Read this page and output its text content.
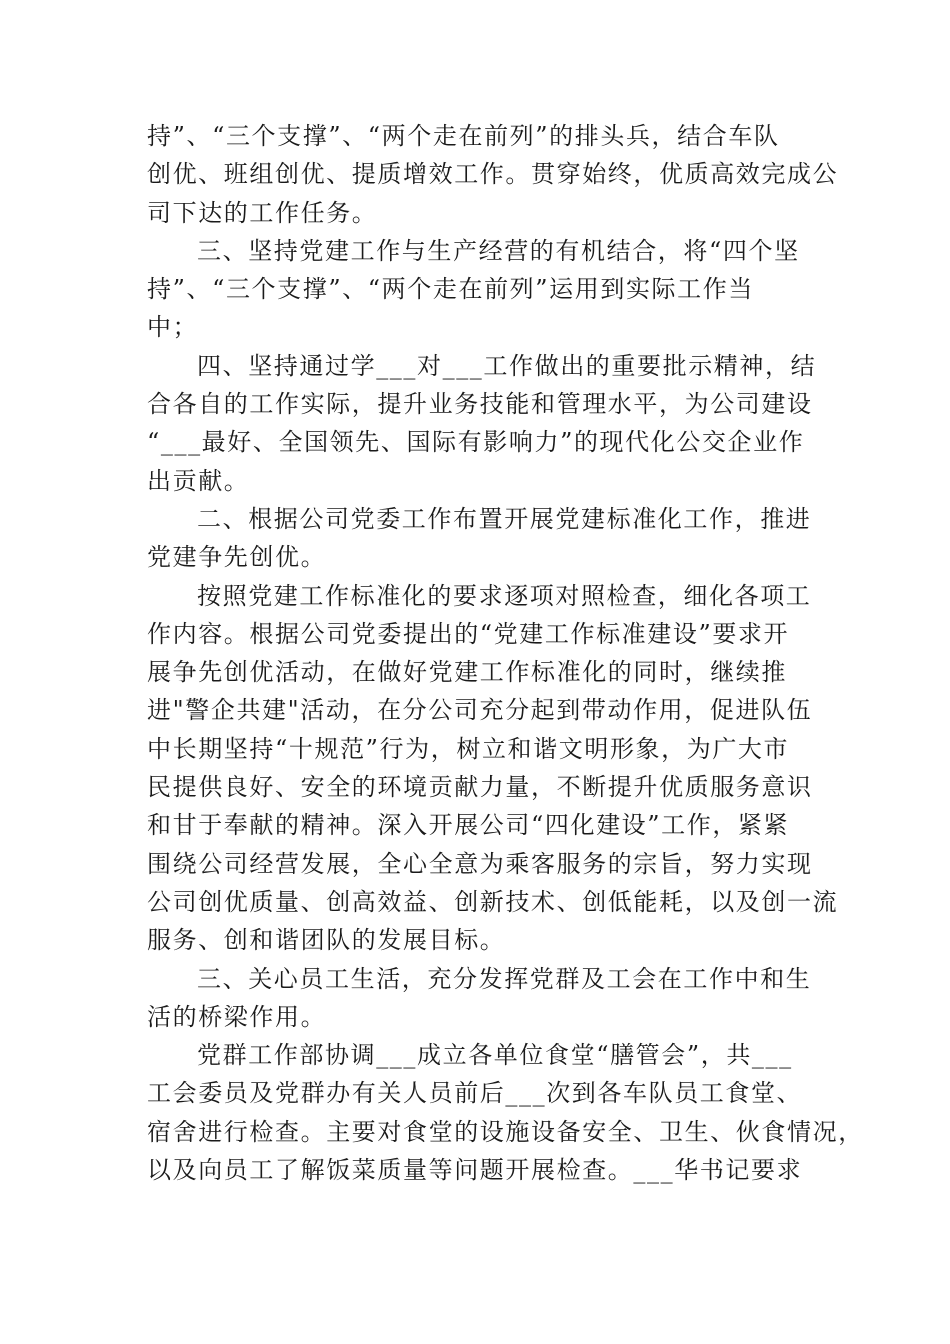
持”、“三个支撑”、“两个走在前列”的排头兵，结合车队
创优、班组创优、提质增效工作。贯穿始终，优质高效完成公
司下达的工作任务。
三、坚持党建工作与生产经营的有机结合，将“四个坚
持”、“三个支撑”、“两个走在前列”运用到实际工作当
中；
四、坚持通过学___对___工作做出的重要批示精神，结
合各自的工作实际，提升业务技能和管理水平，为公司建设
“___最好、全国领先、国际有影响力”的现代化公交企业作
出贡献。
二、根据公司党委工作布置开展党建标准化工作，推进
党建争先创优。
按照党建工作标准化的要求逐项对照检查，细化各项工
作内容。根据公司党委提出的“党建工作标准建设”要求开
展争先创优活动，在做好党建工作标准化的同时，继续推
进"警企共建"活动，在分公司充分起到带动作用，促进队伍
中长期坚持“十规范”行为，树立和谐文明形象，为广大市
民提供良好、安全的环境贡献力量，不断提升优质服务意识
和甘于奉献的精神。深入开展公司“四化建设”工作，紧紧
围绕公司经营发展，全心全意为乘客服务的宗旨，努力实现
公司创优质量、创高效益、创新技术、创低能耗，以及创一流
服务、创和谐团队的发展目标。
三、关心员工生活，充分发挥党群及工会在工作中和生
活的桥梁作用。
党群工作部协调___成立各单位食堂“膳管会”，共___
工会委员及党群办有关人员前后___次到各车队员工食堂、
宿舍进行检查。主要对食堂的设施设备安全、卫生、伙食情况，
以及向员工了解饭菜质量等问题开展检查。___华书记要求
